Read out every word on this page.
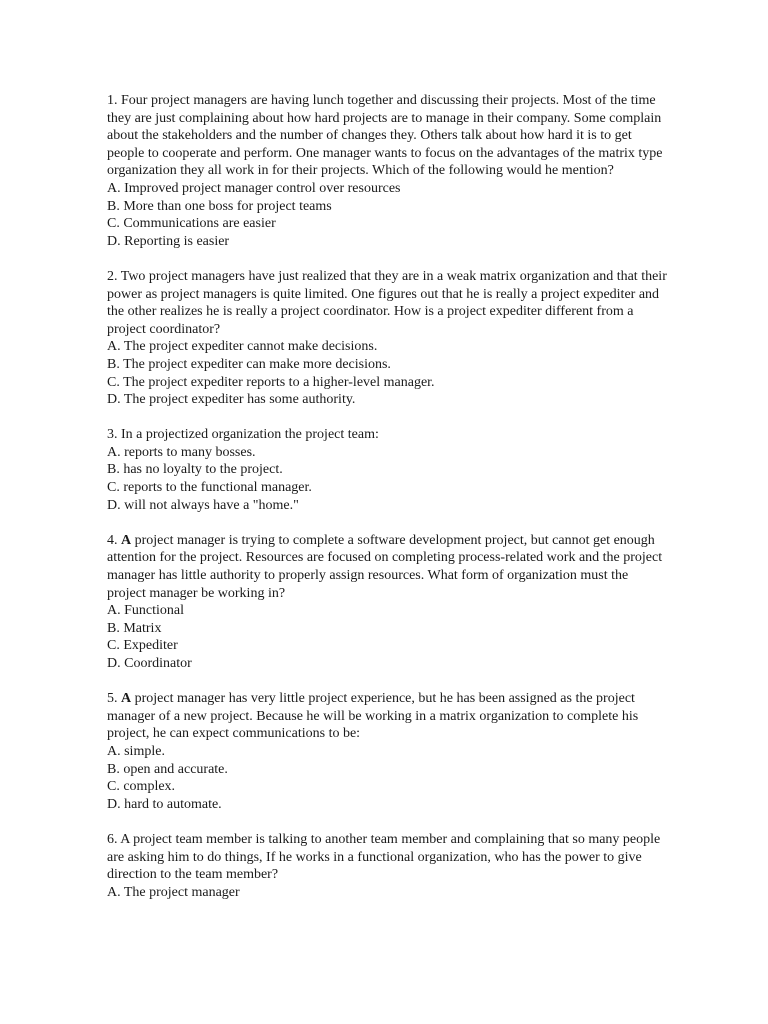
1. Four project managers are having lunch together and discussing their projects. Most of the time they are just complaining about how hard projects are to manage in their company. Some complain about the stakeholders and the number of changes they. Others talk about how hard it is to get people to cooperate and perform. One manager wants to focus on the advantages of the matrix type organization they all work in for their projects. Which of the following would he mention?

A. Improved project manager control over resources
B. More than one boss for project teams
C. Communications are easier
D. Reporting is easier

2. Two project managers have just realized that they are in a weak matrix organization and that their power as project managers is quite limited. One figures out that he is really a project expediter and the other realizes he is really a project coordinator. How is a project expediter different from a project coordinator?

A. The project expediter cannot make decisions.
B. The project expediter can make more decisions.
C. The project expediter reports to a higher-level manager.
D. The project expediter has some authority.

3. In a projectized organization the project team:

A. reports to many bosses.
B. has no loyalty to the project.
C. reports to the functional manager.
D. will not always have a "home."

4. A project manager is trying to complete a software development project, but cannot get enough attention for the project. Resources are focused on completing process-related work and the project manager has little authority to properly assign resources. What form of organization must the project manager be working in?

A. Functional
B. Matrix
C. Expediter
D. Coordinator

5. A project manager has very little project experience, but he has been assigned as the project manager of a new project. Because he will be working in a matrix organization to complete his project, he can expect communications to be:

A. simple.
B. open and accurate.
C. complex.
D. hard to automate.

6. A project team member is talking to another team member and complaining that so many people are asking him to do things, If he works in a functional organization, who has the power to give direction to the team member?

A. The project manager
